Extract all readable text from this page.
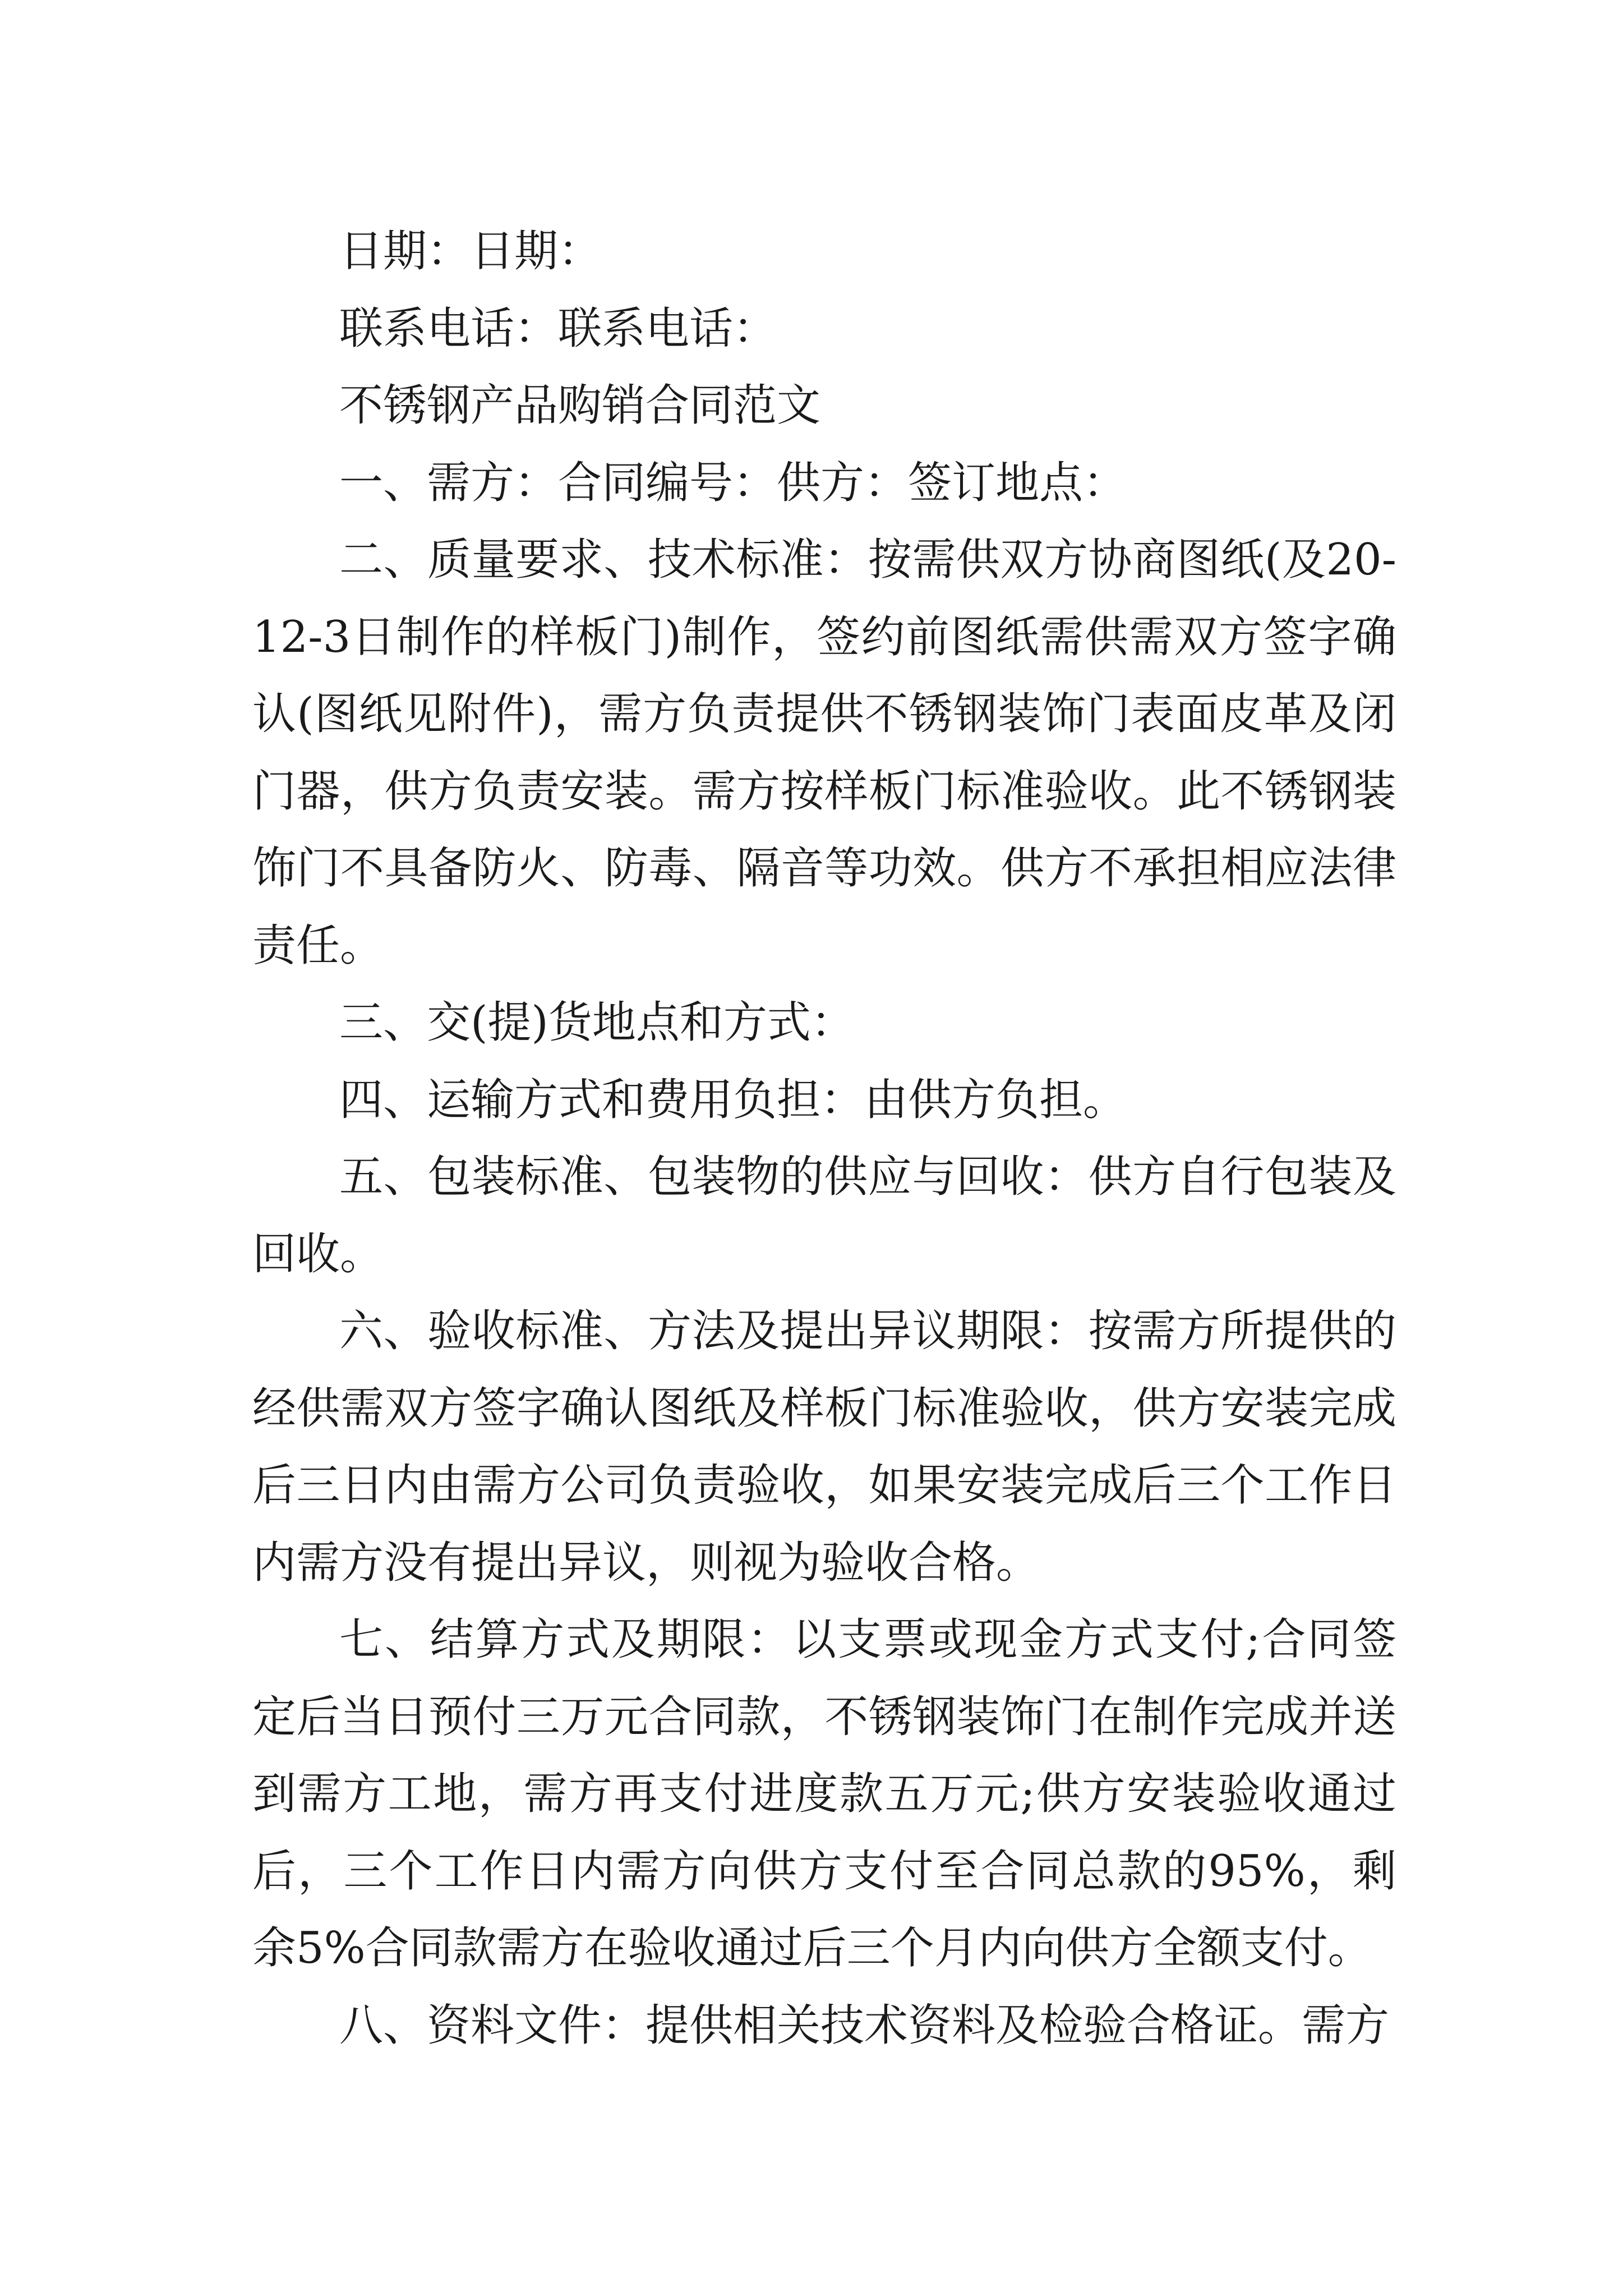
日期：日期：

联系电话：联系电话：

不锈钢产品购销合同范文

一、需方：合同编号：供方：签订地点：

二、质量要求、技术标准：按需供双方协商图纸(及20-12-3日制作的样板门)制作，签约前图纸需供需双方签字确认(图纸见附件)，需方负责提供不锈钢装饰门表面皮革及闭门器，供方负责安装。需方按样板门标准验收。此不锈钢装饰门不具备防火、防毒、隔音等功效。供方不承担相应法律责任。

三、交(提)货地点和方式：

四、运输方式和费用负担：由供方负担。

五、包装标准、包装物的供应与回收：供方自行包装及回收。

六、验收标准、方法及提出异议期限：按需方所提供的经供需双方签字确认图纸及样板门标准验收，供方安装完成后三日内由需方公司负责验收，如果安装完成后三个工作日内需方没有提出异议，则视为验收合格。

七、结算方式及期限：以支票或现金方式支付;合同签定后当日预付三万元合同款，不锈钢装饰门在制作完成并送到需方工地，需方再支付进度款五万元;供方安装验收通过后，三个工作日内需方向供方支付至合同总款的95%，剩余5%合同款需方在验收通过后三个月内向供方全额支付。

八、资料文件：提供相关技术资料及检验合格证。需方
